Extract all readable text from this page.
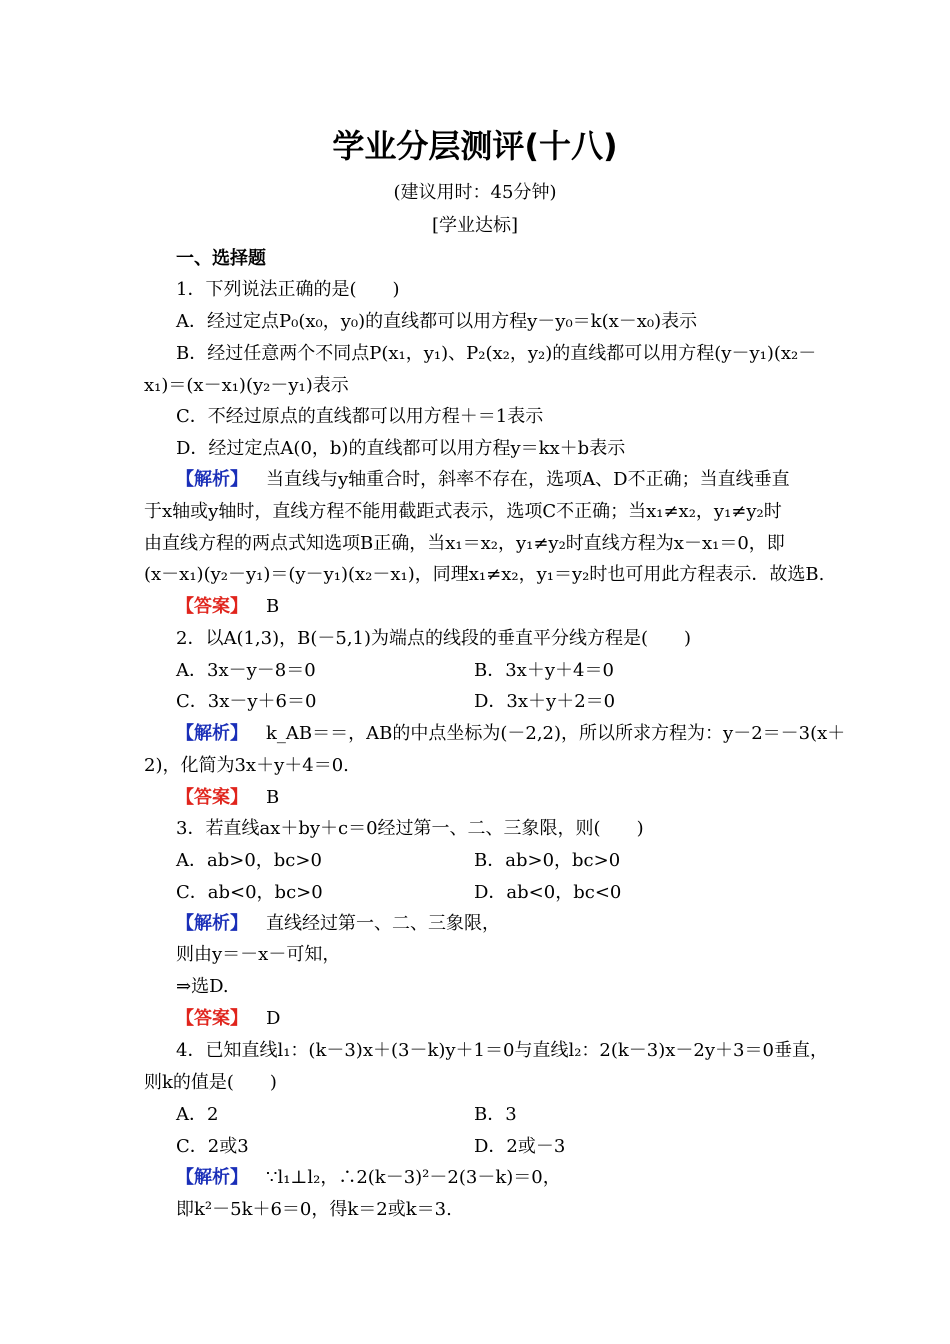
学业分层测评(十八)
(建议用时：45分钟)
[学业达标]
一、选择题
1．下列说法正确的是(　　)
A．经过定点P₀(x₀，y₀)的直线都可以用方程y－y₀＝k(x－x₀)表示
B．经过任意两个不同点P(x₁，y₁)、P₂(x₂，y₂)的直线都可以用方程(y－y₁)(x₂－
x₁)＝(x－x₁)(y₂－y₁)表示
C．不经过原点的直线都可以用方程＋＝1表示
D．经过定点A(0，b)的直线都可以用方程y＝kx＋b表示
【解析】 当直线与y轴重合时，斜率不存在，选项A、D不正确；当直线垂直
于x轴或y轴时，直线方程不能用截距式表示，选项C不正确；当x₁≠x₂，y₁≠y₂时
由直线方程的两点式知选项B正确，当x₁＝x₂，y₁≠y₂时直线方程为x－x₁＝0，即
(x－x₁)(y₂－y₁)＝(y－y₁)(x₂－x₁)，同理x₁≠x₂，y₁＝y₂时也可用此方程表示．故选B.
【答案】 B
2．以A(1,3)，B(－5,1)为端点的线段的垂直平分线方程是(　　)
A．3x－y－8＝0	B．3x＋y＋4＝0
C．3x－y＋6＝0	D．3x＋y＋2＝0
【解析】 k_AB＝＝，AB的中点坐标为(－2,2)，所以所求方程为：y－2＝－3(x＋
2)，化简为3x＋y＋4＝0.
【答案】 B
3．若直线ax＋by＋c＝0经过第一、二、三象限，则(　　)
A．ab>0，bc>0	B．ab>0，bc>0
C．ab<0，bc>0	D．ab<0，bc<0
【解析】 直线经过第一、二、三象限，
则由y＝－x－可知，
⇒选D.
【答案】 D
4．已知直线l₁：(k－3)x＋(3－k)y＋1＝0与直线l₂：2(k－3)x－2y＋3＝0垂直，
则k的值是(　　)
A．2	B．3
C．2或3	D．2或－3
【解析】 ∵l₁⊥l₂，∴2(k－3)²－2(3－k)＝0，
即k²－5k＋6＝0，得k＝2或k＝3.
